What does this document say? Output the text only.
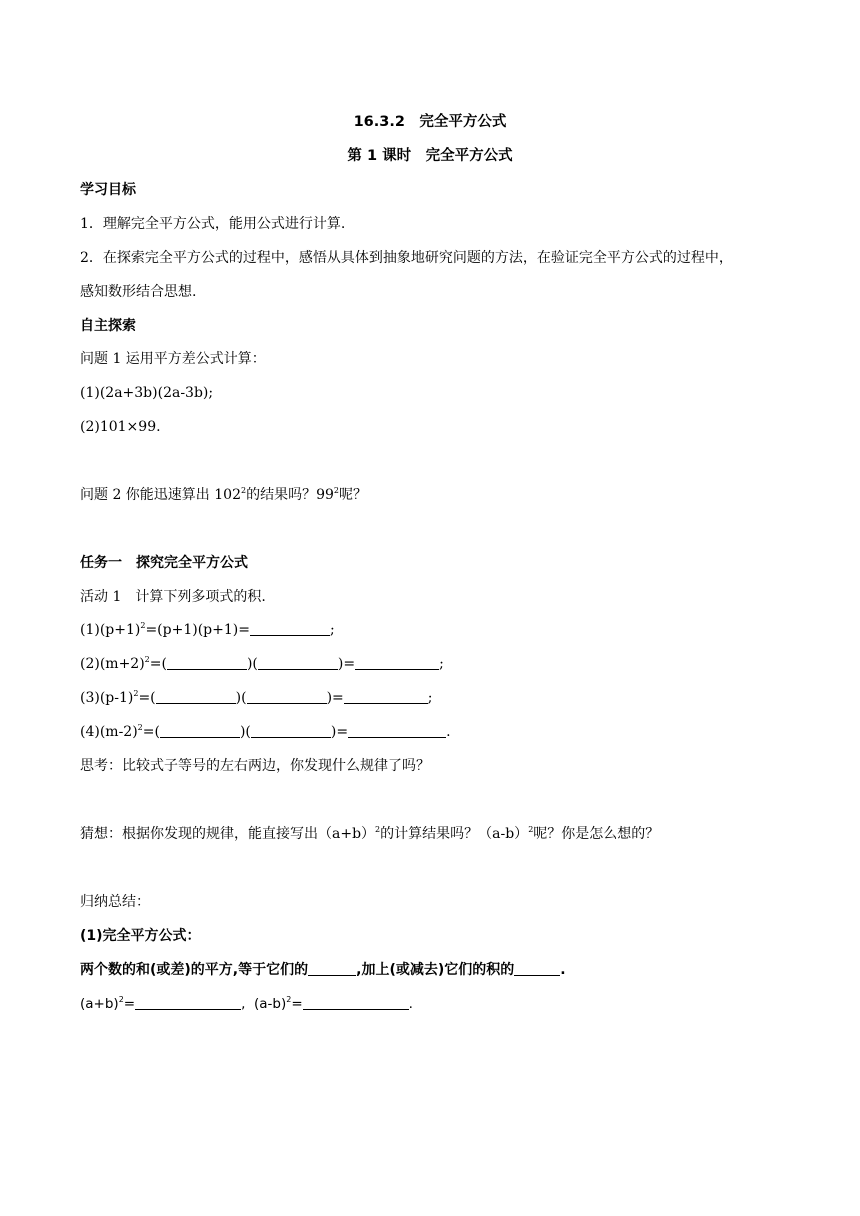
16.3.2　完全平方公式
第 1 课时　完全平方公式
学习目标
1．理解完全平方公式，能用公式进行计算.
2．在探索完全平方公式的过程中，感悟从具体到抽象地研究问题的方法，在验证完全平方公式的过程中，
感知数形结合思想.
自主探索
问题 1 运用平方差公式计算：
(1)(2a+3b)(2a-3b);
(2)101×99.
问题 2 你能迅速算出 $102^2$的结果吗？$99^2$呢？
任务一　探究完全平方公式
活动 1　计算下列多项式的积.
$(1)(p+1)^2=(p+1)(p+1)=$	;
$(2)(m+2)^2=$(	)(	)=	;
$(3)(p-1)^2=$(	)(	)=	;
$(4)(m-2)^2=$(	)(	)=	.
思考：比较式子等号的左右两边，你发现什么规律了吗？
猜想：根据你发现的规律，能直接写出$(a+b)^2$的计算结果吗？$(a-b)^2$呢？你是怎么想的？
归纳总结：
(1)完全平方公式：
两个数的和(或差)的平方,等于它们的	,加上(或减去)它们的积的	.
$(a+b)^2=$	,  $(a-b)^2=$	.
